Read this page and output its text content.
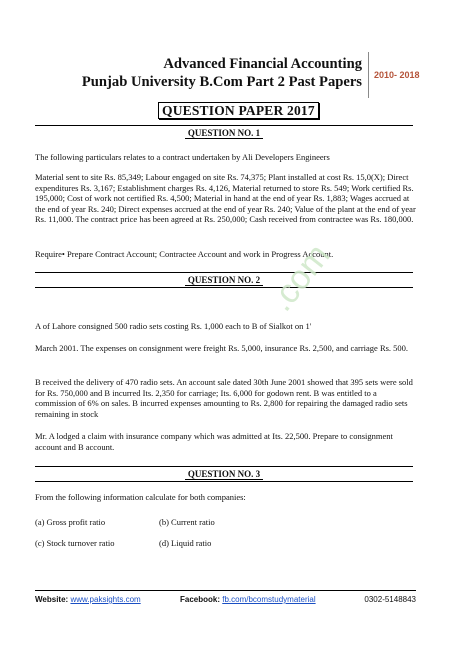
Advanced Financial Accounting
Punjab University B.Com Part 2 Past Papers 2010- 2018
QUESTION PAPER 2017
QUESTION NO. 1
The following particulars relates to a contract undertaken by Ali Developers Engineers
Material sent to site Rs. 85,349; Labour engaged on site Rs. 74,375; Plant installed at cost Rs. 15,0(X); Direct expenditures Rs. 3,167; Establishment charges Rs. 4,126, Material returned to store Rs. 549; Work certified Rs. 195,000; Cost of work not certified Rs. 4,500; Material in hand at the end of year Rs. 1,883; Wages accrued at the end of year Rs. 240; Direct expenses accrued at the end of year Rs. 240; Value of the plant at the end of year Rs. 11,000. The contract price has been agreed at Rs. 250,000; Cash received from contractee was Rs. 180,000.
Require• Prepare Contract Account; Contractee Account and work in Progress Account.
QUESTION NO. 2 .com
A of Lahore consigned 500 radio sets costing Rs. 1,000 each to B of Sialkot on 1'
March 2001. The expenses on consignment were freight Rs. 5,000, insurance Rs. 2,500, and carriage Rs. 500.
B received the delivery of 470 radio sets. An account sale dated 30th June 2001 showed that 395 sets were sold for Rs. 750,000 and B incurred Its. 2,350 for carriage; Its. 6,000 for godown rent. B was entitled to a commission of 6% on sales. B incurred expenses amounting to Rs. 2,800 for repairing the damaged radio sets remaining in stock
Mr. A lodged a claim with insurance company which was admitted at Its. 22,500. Prepare to consignment account and B account.
QUESTION NO. 3
From the following information calculate for both companies:
(a) Gross profit ratio	(b) Current ratio
(c) Stock turnover ratio	(d) Liquid ratio
Website: www.paksights.com	Facebook: fb.com/bcomstudymaterial	0302-5148843
